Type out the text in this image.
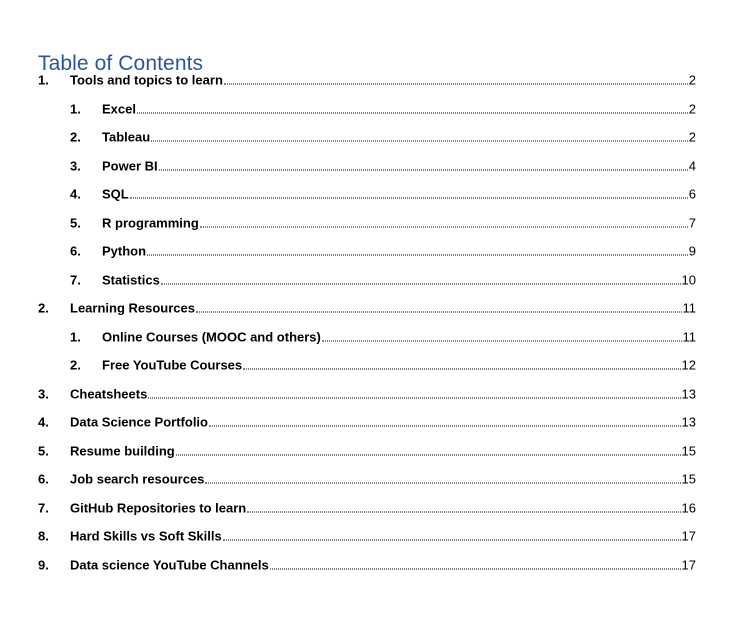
Table of Contents
1. Tools and topics to learn	2
1. Excel	2
2. Tableau	2
3. Power BI	4
4. SQL	6
5. R programming	7
6. Python	9
7. Statistics	10
2. Learning Resources	11
1. Online Courses (MOOC and others)	11
2. Free YouTube Courses	12
3. Cheatsheets	13
4. Data Science Portfolio	13
5. Resume building	15
6. Job search resources	15
7. GitHub Repositories to learn	16
8. Hard Skills vs Soft Skills	17
9. Data science YouTube Channels	17
